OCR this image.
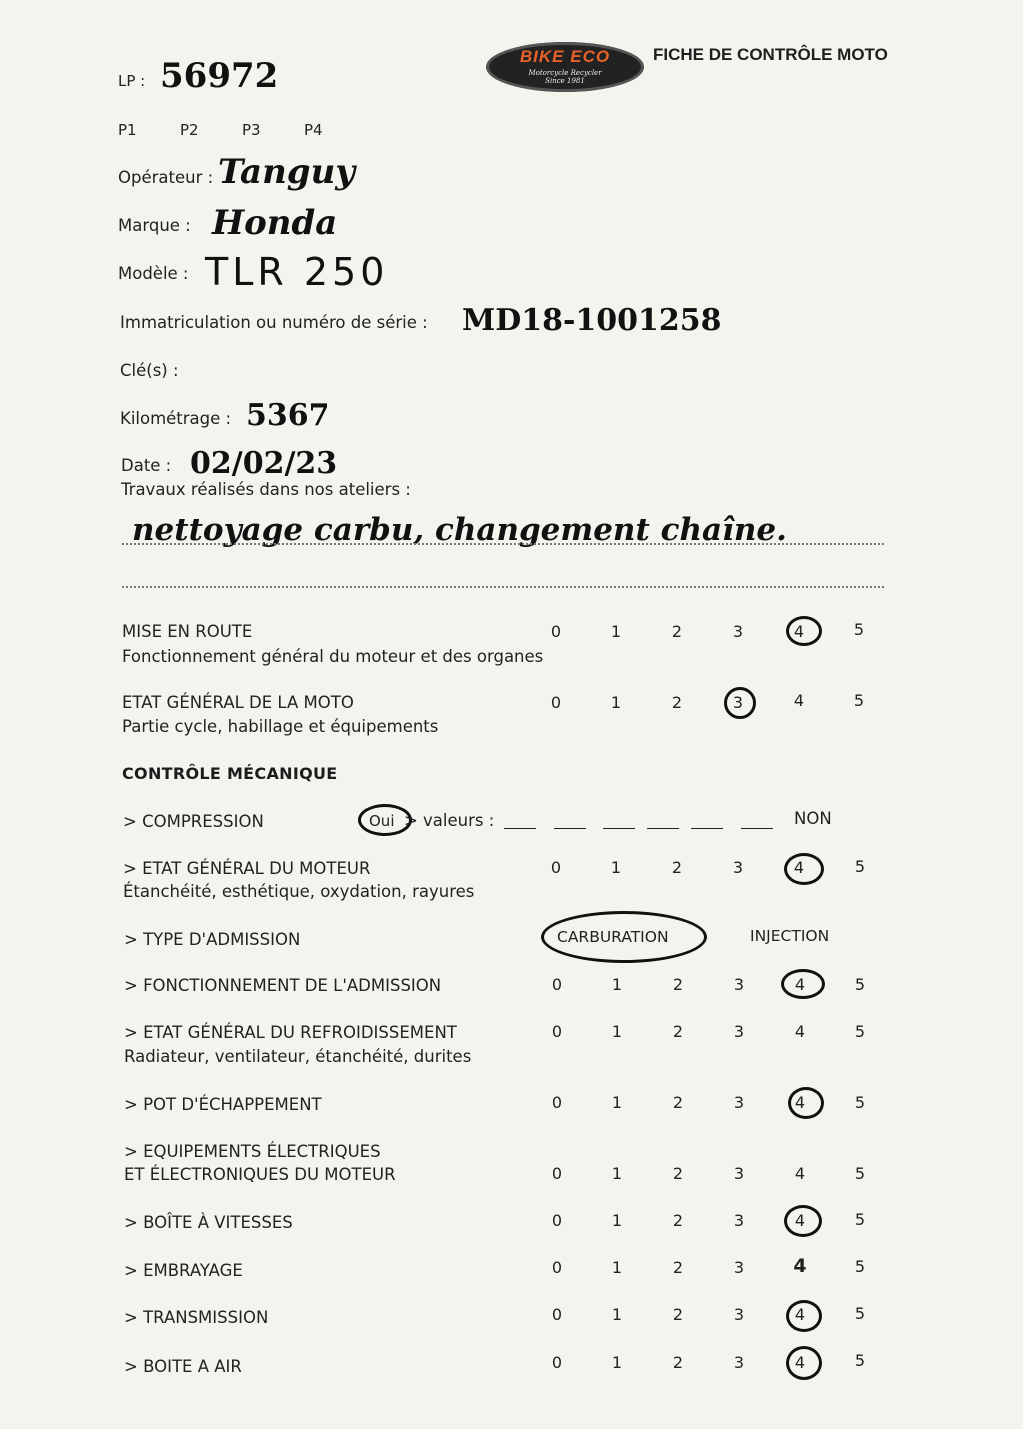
LP : 56972
P1	P2	P3	P4
BIKE ECO
Motorcycle Recycler
Since 1981
FICHE DE CONTRÔLE MOTO
Opérateur : Tanguy
Marque : Honda
Modèle : TLR 250
Immatriculation ou numéro de série : MD18-1001258
Clé(s) :
Kilométrage : 5367
Date : 02/02/23
Travaux réalisés dans nos ateliers :
nettoyage carbu, changement chaîne.
MISE EN ROUTE
Fonctionnement général du moteur et des organes
0	1	2	3	4	5
ETAT GÉNÉRAL DE LA MOTO
Partie cycle, habillage et équipements
0	1	2	3	4	5
CONTRÔLE MÉCANIQUE
> COMPRESSION	Oui > valeurs :	NON
> ETAT GÉNÉRAL DU MOTEUR
Étanchéité, esthétique, oxydation, rayures
0	1	2	3	4	5
> TYPE D'ADMISSION	CARBURATION	INJECTION
> FONCTIONNEMENT DE L'ADMISSION	0	1	2	3	4	5
> ETAT GÉNÉRAL DU REFROIDISSEMENT
Radiateur, ventilateur, étanchéité, durites
0	1	2	3	4	5
> POT D'ÉCHAPPEMENT	0	1	2	3	4	5
> EQUIPEMENTS ÉLECTRIQUES
ET ÉLECTRONIQUES DU MOTEUR	0	1	2	3	4	5
> BOÎTE À VITESSES	0	1	2	3	4	5
> EMBRAYAGE	0	1	2	3	4	5
> TRANSMISSION	0	1	2	3	4	5
> BOITE A AIR	0	1	2	3	4	5
